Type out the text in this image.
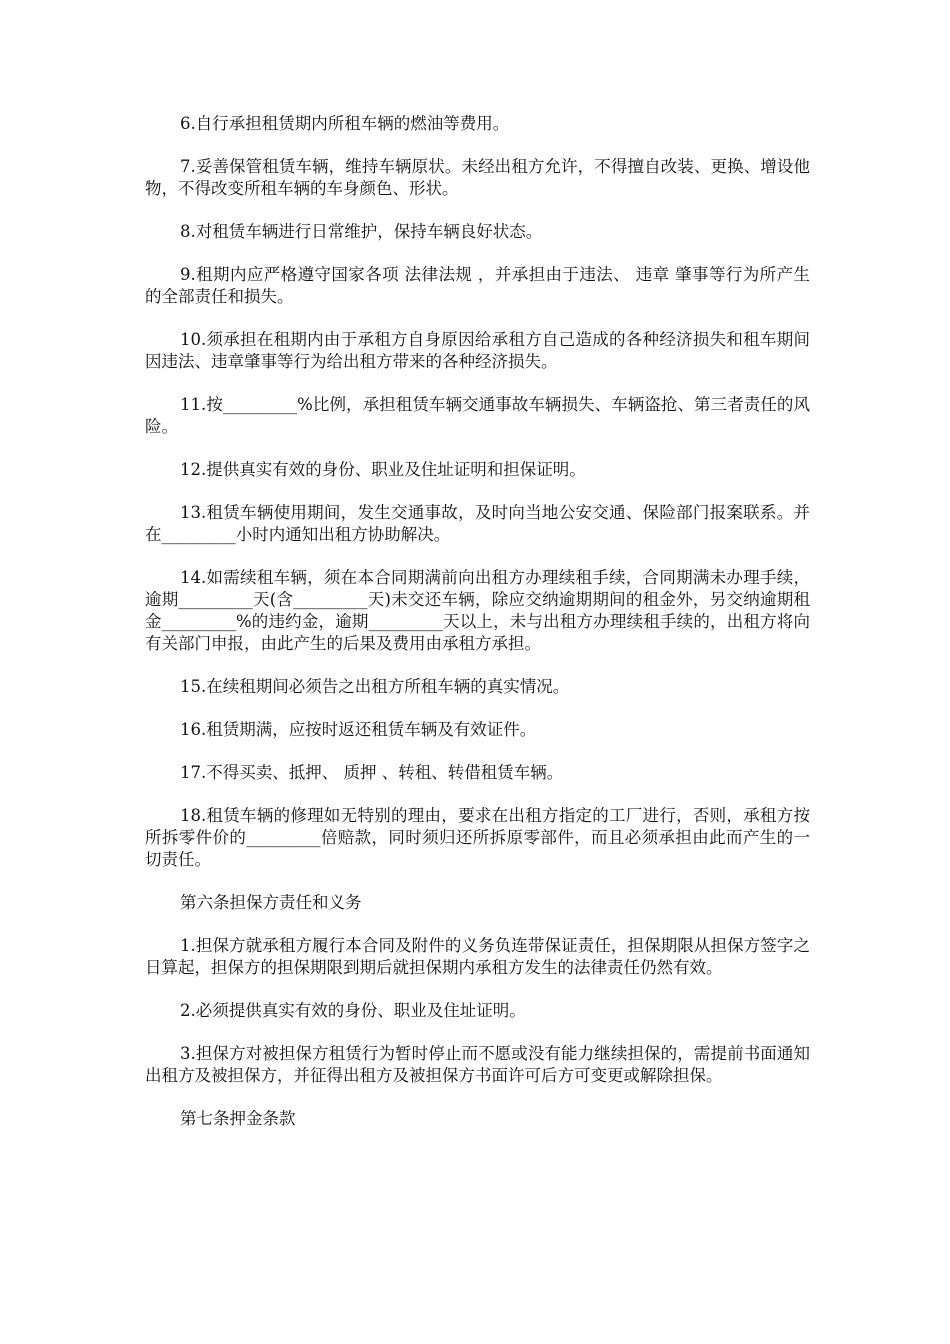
6.自行承担租赁期内所租车辆的燃油等费用。

7.妥善保管租赁车辆，维持车辆原状。未经出租方允许，不得擅自改装、更换、增设他物，不得改变所租车辆的车身颜色、形状。

8.对租赁车辆进行日常维护，保持车辆良好状态。

9.租期内应严格遵守国家各项 法律法规 ，并承担由于违法、 违章 肇事等行为所产生的全部责任和损失。

10.须承担在租期内由于承租方自身原因给承租方自己造成的各种经济损失和租车期间因违法、违章肇事等行为给出租方带来的各种经济损失。

11.按_________%比例，承担租赁车辆交通事故车辆损失、车辆盗抢、第三者责任的风险。

12.提供真实有效的身份、职业及住址证明和担保证明。

13.租赁车辆使用期间，发生交通事故，及时向当地公安交通、保险部门报案联系。并在_________小时内通知出租方协助解决。

14.如需续租车辆，须在本合同期满前向出租方办理续租手续，合同期满未办理手续，逾期_________天(含_________天)未交还车辆，除应交纳逾期期间的租金外，另交纳逾期租金_________%的违约金，逾期_________天以上，未与出租方办理续租手续的，出租方将向有关部门申报，由此产生的后果及费用由承租方承担。

15.在续租期间必须告之出租方所租车辆的真实情况。

16.租赁期满，应按时返还租赁车辆及有效证件。

17.不得买卖、抵押、 质押 、转租、转借租赁车辆。

18.租赁车辆的修理如无特别的理由，要求在出租方指定的工厂进行，否则，承租方按所拆零件价的_________倍赔款，同时须归还所拆原零部件，而且必须承担由此而产生的一切责任。

第六条担保方责任和义务

1.担保方就承租方履行本合同及附件的义务负连带保证责任，担保期限从担保方签字之日算起，担保方的担保期限到期后就担保期内承租方发生的法律责任仍然有效。

2.必须提供真实有效的身份、职业及住址证明。

3.担保方对被担保方租赁行为暂时停止而不愿或没有能力继续担保的，需提前书面通知出租方及被担保方，并征得出租方及被担保方书面许可后方可变更或解除担保。

第七条押金条款
